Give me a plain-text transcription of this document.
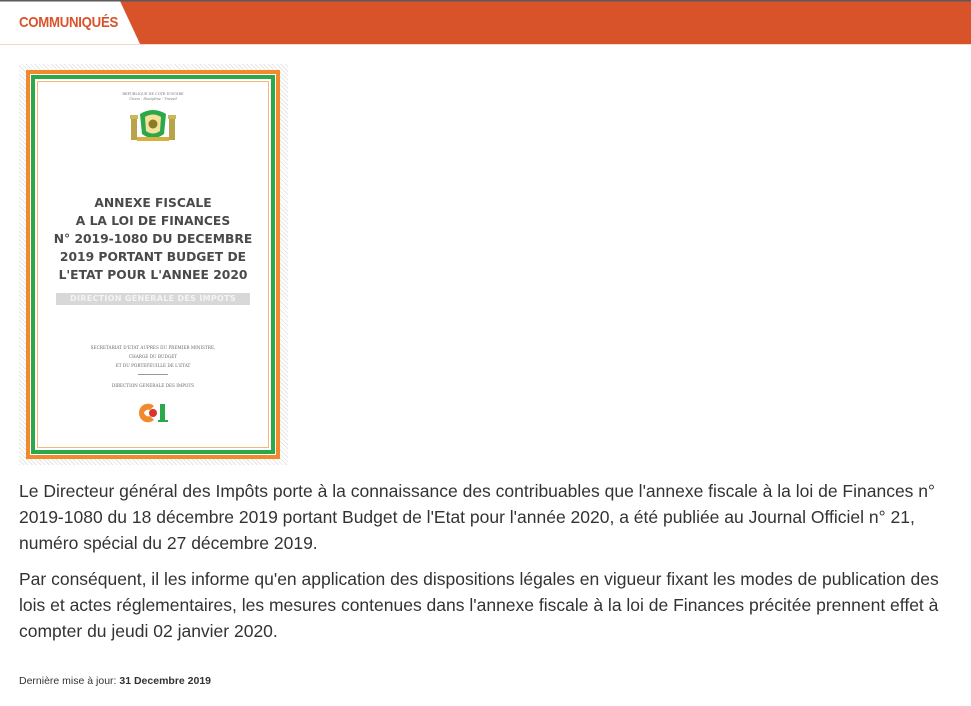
COMMUNIQUÉS
REPUBLIQUE DE COTE D'IVOIRE
Union - Discipline - Travail
ANNEXE FISCALE
A LA LOI DE FINANCES
N° 2019-1080 DU DECEMBRE
2019 PORTANT BUDGET DE
L'ETAT POUR L'ANNEE 2020
DIRECTION GENERALE DES IMPOTS
SECRETARIAT D'ETAT AUPRES DU PREMIER MINISTRE,
CHARGE DU BUDGET
ET DU PORTEFEUILLE DE L'ETAT
DIRECTION GENERALE DES IMPOTS

Le Directeur général des Impôts porte à la connaissance des contribuables que l'annexe fiscale à la loi de Finances n° 2019-1080 du 18 décembre 2019 portant Budget de l'Etat pour l'année 2020, a été publiée au Journal Officiel n° 21, numéro spécial du 27 décembre 2019.

Par conséquent, il les informe qu'en application des dispositions légales en vigueur fixant les modes de publication des lois et actes réglementaires, les mesures contenues dans l'annexe fiscale à la loi de Finances précitée prennent effet à compter du jeudi 02 janvier 2020.

Dernière mise à jour: 31 Decembre 2019
